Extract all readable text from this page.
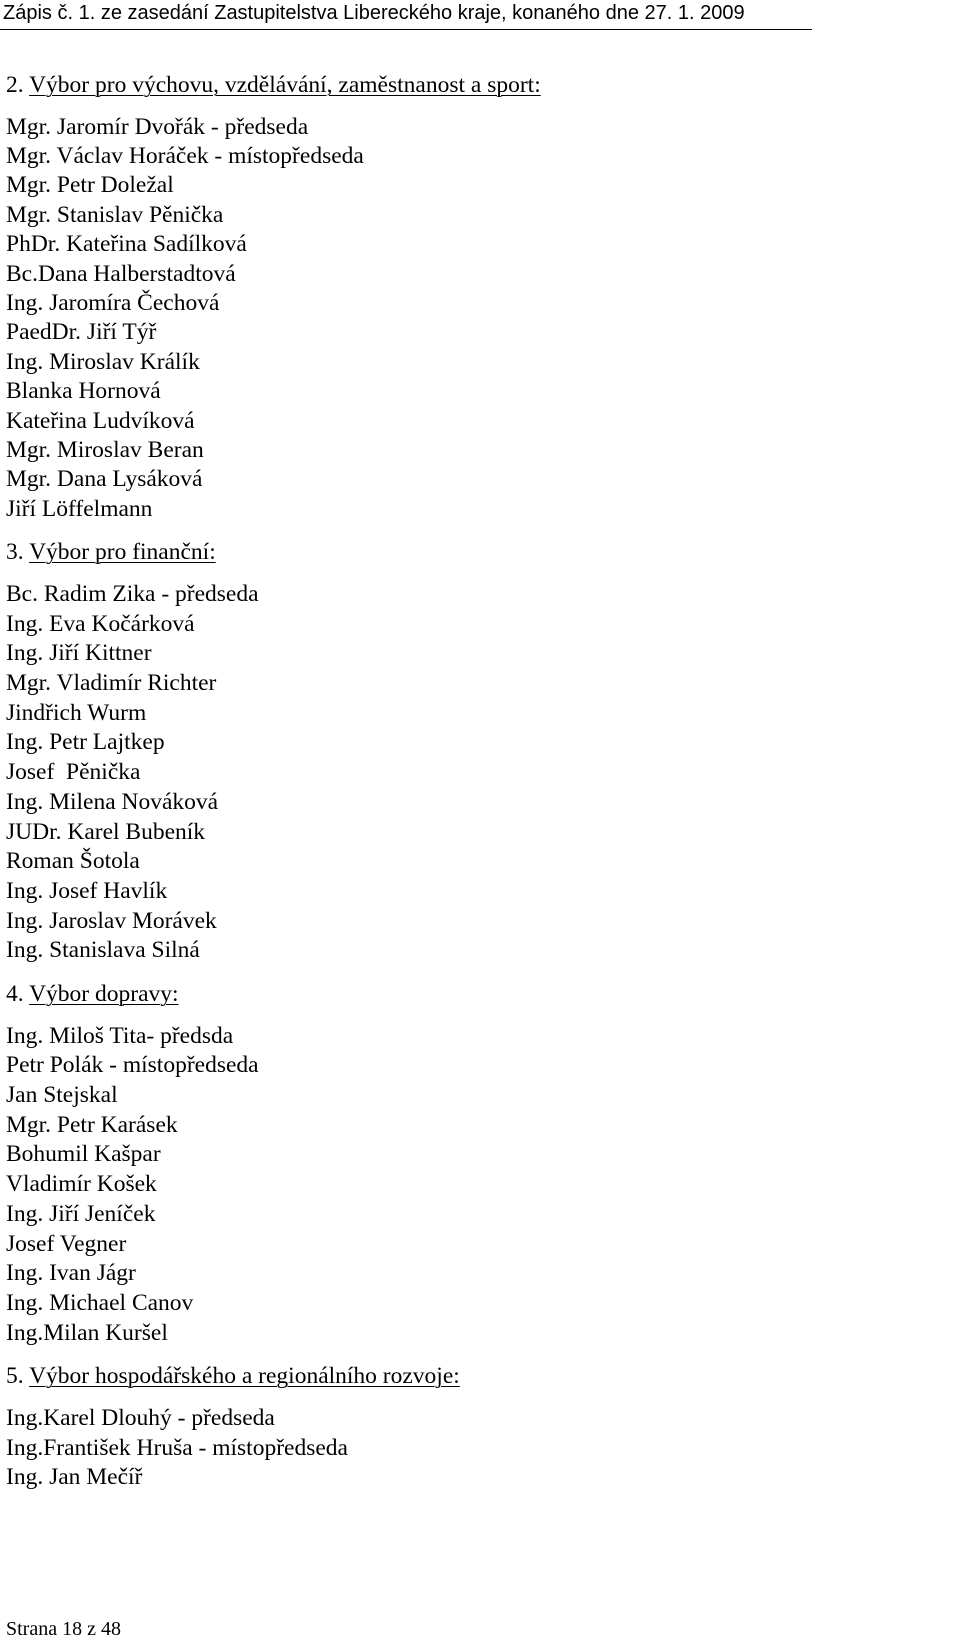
Zápis č. 1. ze zasedání Zastupitelstva Libereckého kraje, konaného dne 27. 1. 2009
2. Výbor pro výchovu, vzdělávání, zaměstnanost a sport:
Mgr. Jaromír Dvořák - předseda
Mgr. Václav Horáček - místopředseda
Mgr. Petr Doležal
Mgr. Stanislav Pěnička
PhDr. Kateřina Sadílková
Bc.Dana Halberstadtová
Ing. Jaromíra Čechová
PaedDr. Jiří Týř
Ing. Miroslav Králík
Blanka Hornová
Kateřina Ludvíková
Mgr. Miroslav Beran
Mgr. Dana Lysáková
Jiří Löffelmann
3. Výbor pro finanční:
Bc. Radim Zika - předseda
Ing. Eva Kočárková
Ing. Jiří Kittner
Mgr. Vladimír Richter
Jindřich Wurm
Ing. Petr Lajtkep
Josef  Pěnička
Ing. Milena Nováková
JUDr. Karel Bubeník
Roman Šotola
Ing. Josef Havlík
Ing. Jaroslav Morávek
Ing. Stanislava Silná
4. Výbor dopravy:
Ing. Miloš Tita- předsda
Petr Polák - místopředseda
Jan Stejskal
Mgr. Petr Karásek
Bohumil Kašpar
Vladimír Košek
Ing. Jiří Jeníček
Josef Vegner
Ing. Ivan Jágr
Ing. Michael Canov
Ing.Milan Kuršel
5. Výbor hospodářského a regionálního rozvoje:
Ing.Karel Dlouhý - předseda
Ing.František Hruša - místopředseda
Ing. Jan Mečíř
Strana 18 z 48
